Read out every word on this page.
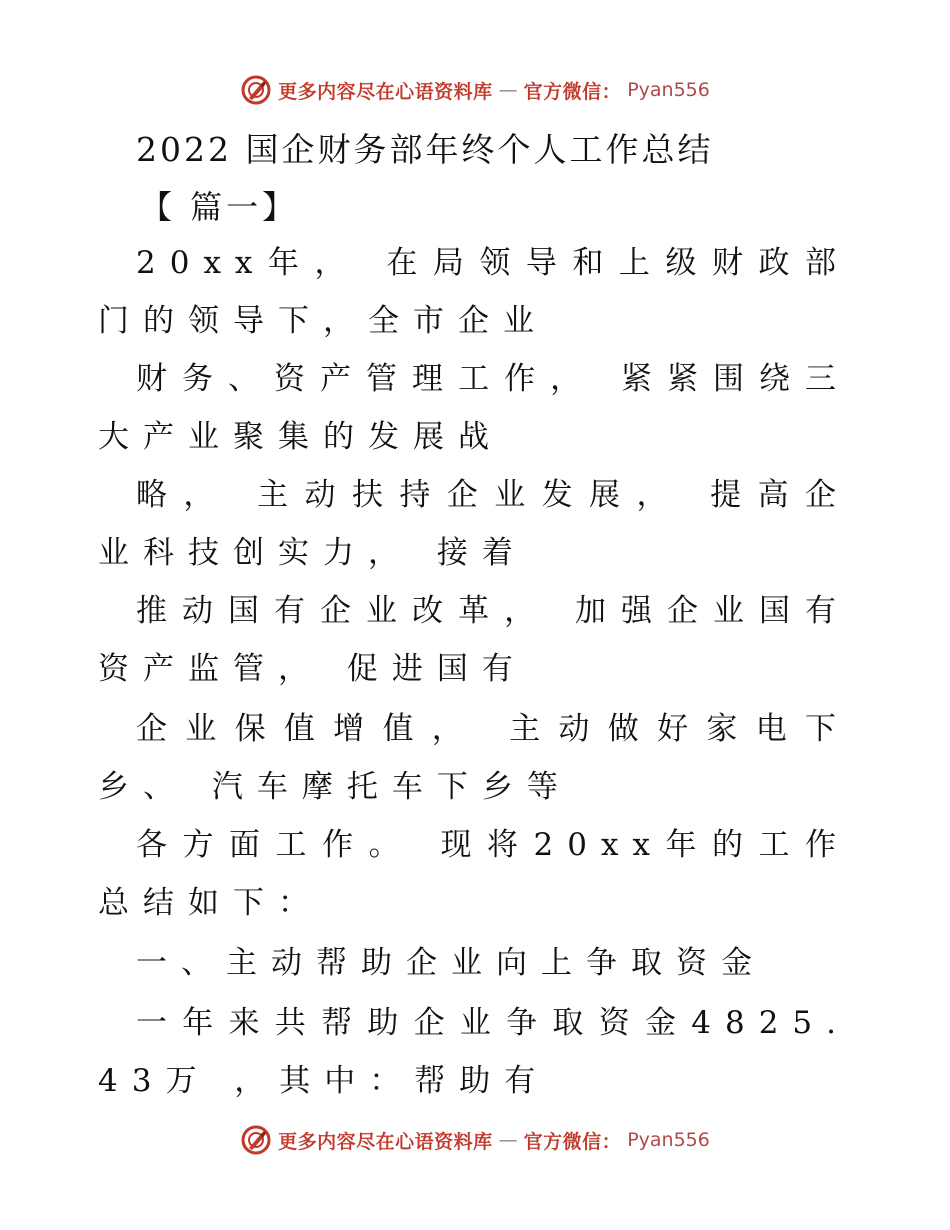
更多内容尽在心语资料库 — 官方微信： Pyan556
2022 国企财务部年终个人工作总结
【 篇一】

20xx年， 在局领导和上级财政部门的领导下，全市企业

财务、资产管理工作， 紧紧围绕三大产业聚集的发展战

略， 主动扶持企业发展， 提高企业科技创实力， 接着

推动国有企业改革， 加强企业国有资产监管， 促进国有

企业保值增值， 主动做好家电下乡、 汽车摩托车下乡等

各方面工作。 现将20xx年的工作总结如下：

一、主动帮助企业向上争取资金

一年来共帮助企业争取资金4825.43万 ，其中：帮助有

更多内容尽在心语资料库 — 官方微信： Pyan556
